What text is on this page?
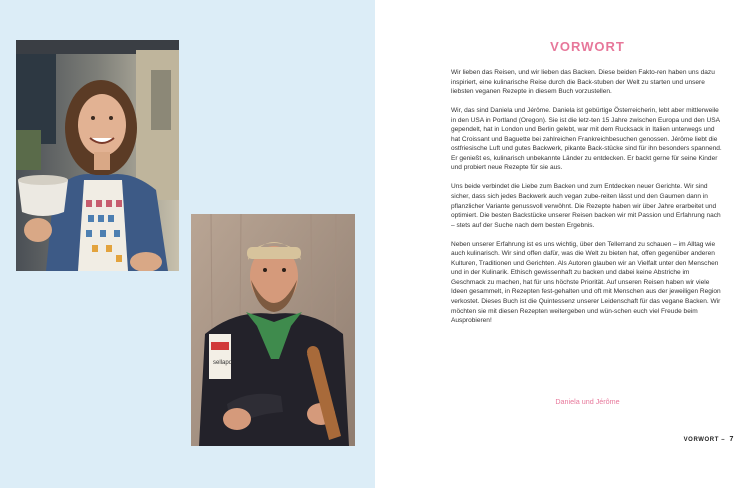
sellapo
VORWORT

Wir lieben das Reisen, und wir lieben das Backen. Diese beiden Fakto-ren haben uns dazu inspiriert, eine kulinarische Reise durch die Back-stuben der Welt zu starten und unsere liebsten veganen Rezepte in diesem Buch vorzustellen.

Wir, das sind Daniela und Jérôme. Daniela ist gebürtige Österreicherin, lebt aber mittlerweile in den USA in Portland (Oregon). Sie ist die letz-ten 15 Jahre zwischen Europa und den USA gependelt, hat in London und Berlin gelebt, war mit dem Rucksack in Italien unterwegs und hat Croissant und Baguette bei zahlreichen Frankreichbesuchen genossen. Jérôme liebt die ostfriesische Luft und gutes Backwerk, pikante Back-stücke sind für ihn besonders spannend. Er genießt es, kulinarisch unbekannte Länder zu entdecken. Er backt gerne für seine Kinder und probiert neue Rezepte für sie aus.

Uns beide verbindet die Liebe zum Backen und zum Entdecken neuer Gerichte. Wir sind sicher, dass sich jedes Backwerk auch vegan zube-reiten lässt und den Gaumen dann in pflanzlicher Variante genussvoll verwöhnt. Die Rezepte haben wir über Jahre erarbeitet und optimiert. Die besten Backstücke unserer Reisen backen wir mit Passion und Erfahrung nach – stets auf der Suche nach dem besten Ergebnis.

Neben unserer Erfahrung ist es uns wichtig, über den Tellerrand zu schauen – im Alltag wie auch kulinarisch. Wir sind offen dafür, was die Welt zu bieten hat, offen gegenüber anderen Kulturen, Traditionen und Gerichten. Als Autoren glauben wir an Vielfalt unter den Menschen und in der Kulinarik. Ethisch gewissenhaft zu backen und dabei keine Abstriche im Geschmack zu machen, hat für uns höchste Priorität. Auf unseren Reisen haben wir viele Ideen gesammelt, in Rezepten fest-gehalten und oft mit Menschen aus der jeweiligen Region verkostet. Dieses Buch ist die Quintessenz unserer Leidenschaft für das vegane Backen. Wir möchten sie mit diesen Rezepten weitergeben und wün-schen euch viel Freude beim Ausprobieren!

Daniela und Jérôme
VORWORT – 7
